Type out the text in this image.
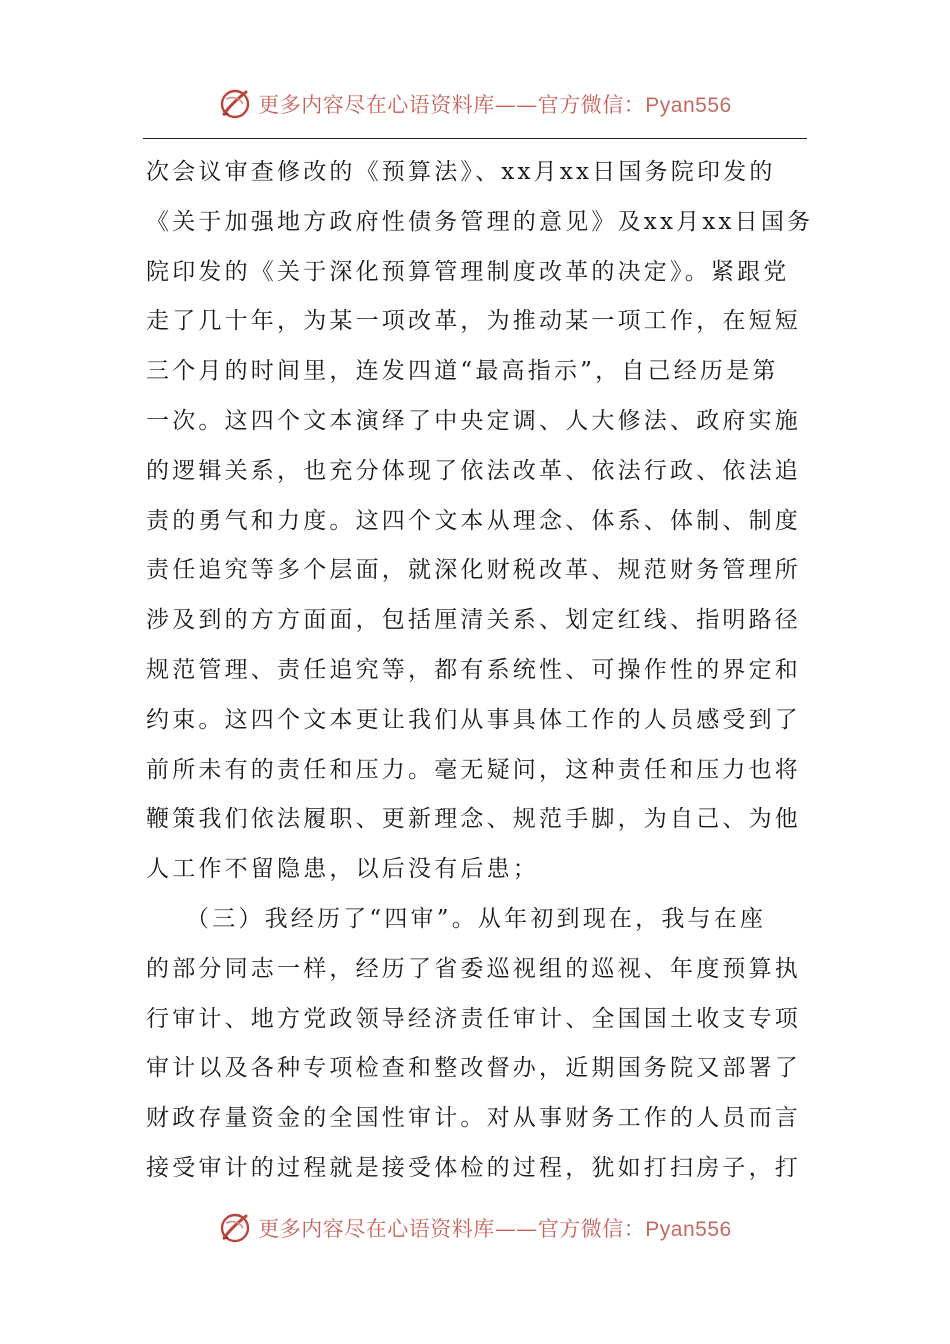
更多内容尽在心语资料库——官方微信：Pyan556
次会议审查修改的《预算法》、xx月xx日国务院印发的
《关于加强地方政府性债务管理的意见》及xx月xx日国务
院印发的《关于深化预算管理制度改革的决定》。紧跟党
走了几十年，为某一项改革，为推动某一项工作，在短短
三个月的时间里，连发四道“最高指示”，自己经历是第
一次。这四个文本演绎了中央定调、人大修法、政府实施
的逻辑关系，也充分体现了依法改革、依法行政、依法追
责的勇气和力度。这四个文本从理念、体系、体制、制度
责任追究等多个层面，就深化财税改革、规范财务管理所
涉及到的方方面面，包括厘清关系、划定红线、指明路径
规范管理、责任追究等，都有系统性、可操作性的界定和
约束。这四个文本更让我们从事具体工作的人员感受到了
前所未有的责任和压力。毫无疑问，这种责任和压力也将
鞭策我们依法履职、更新理念、规范手脚，为自己、为他
人工作不留隐患，以后没有后患；
（三）我经历了“四审”。从年初到现在，我与在座
的部分同志一样，经历了省委巡视组的巡视、年度预算执
行审计、地方党政领导经济责任审计、全国国土收支专项
审计以及各种专项检查和整改督办，近期国务院又部署了
财政存量资金的全国性审计。对从事财务工作的人员而言
接受审计的过程就是接受体检的过程，犹如打扫房子，打
更多内容尽在心语资料库——官方微信：Pyan556
